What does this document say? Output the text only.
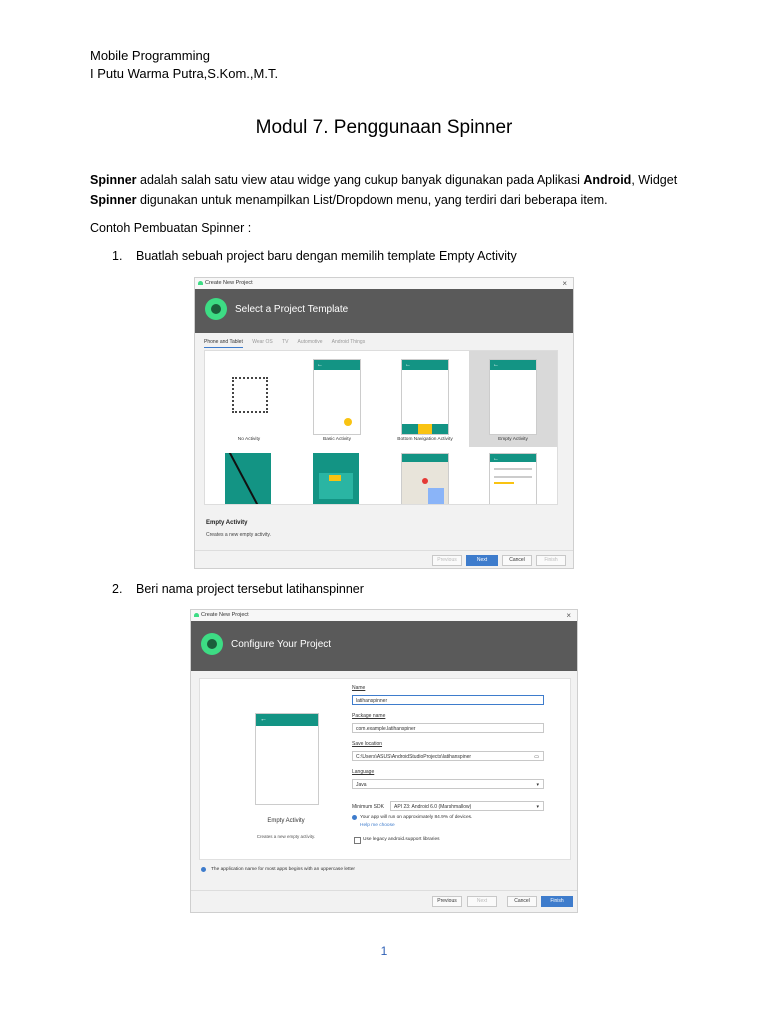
Mobile Programming
I Putu Warma Putra,S.Kom.,M.T.
Modul 7. Penggunaan Spinner
Spinner adalah salah satu view atau widge yang cukup banyak digunakan pada Aplikasi Android, Widget
Spinner digunakan untuk menampilkan List/Dropdown menu, yang terdiri dari beberapa item.
Contoh Pembuatan Spinner :
1. Buatlah sebuah project baru dengan memilih template Empty Activity
Create New Project	×
Select a Project Template
Phone and Tablet Wear OS TV Automotive Android Things
No Activity
←
Basic Activity
←
Bottom Navigation Activity
←
Empty Activity
←
Empty Activity
Creates a new empty activity.
Previous	Next	Cancel	Finish
2. Beri nama project tersebut latihanspinner
Create New Project	×
Configure Your Project
←
Empty Activity
Creates a new empty activity.
Name
latihanspinner
Package name
com.example.latihanspiner
Save location
C:\Users\ASUS\AndroidStudioProjects\latihanspiner	▭
Language
Java	▾
Minimum SDK	API 23: Android 6.0 (Marshmallow)	▾
Your app will run on approximately 84.9% of devices.
Help me choose
Use legacy android.support libraries
The application name for most apps begins with an uppercase letter
Previous	Next	Cancel	Finish
1
